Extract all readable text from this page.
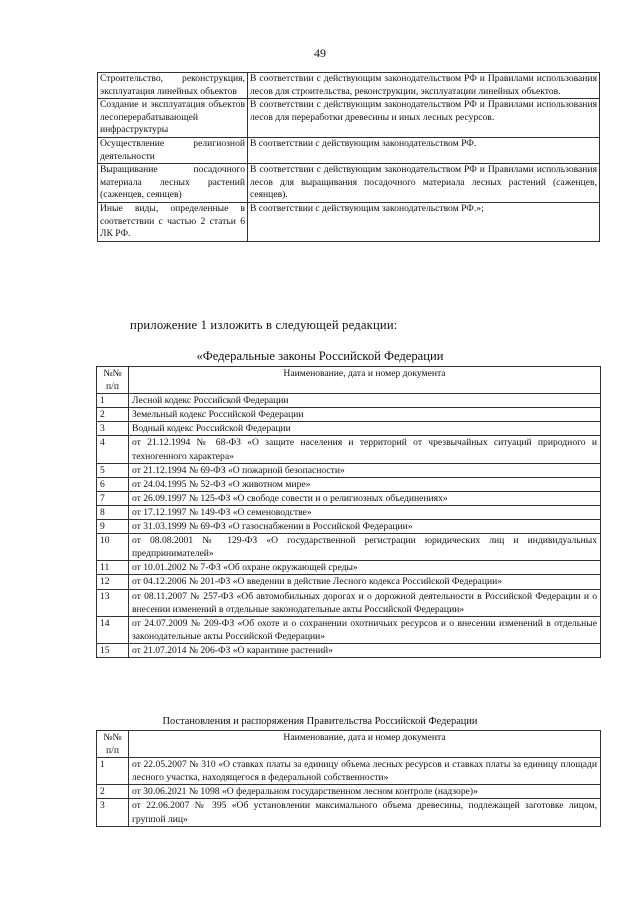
49
Строительство, реконструкция, эксплуатация линейных объектов	В соответствии с действующим законодательством РФ и Правилами использования лесов для строительства, реконструкции, эксплуатации линейных объектов.
Создание и эксплуатация объектов лесоперерабатывающей инфраструктуры	В соответствии с действующим законодательством РФ и Правилами использования лесов для переработки древесины и иных лесных ресурсов.
Осуществление религиозной деятельности	В соответствии с действующим законодательством РФ.
Выращивание посадочного материала лесных растений (саженцев, сеянцев)	В соответствии с действующим законодательством РФ и Правилами использования лесов для выращивания посадочного материала лесных растений (саженцев, сеянцев).
Иные виды, определенные в соответствии с частью 2 статьи 6 ЛК РФ.	В соответствии с действующим законодательством РФ.»;
приложение 1 изложить в следующей редакции:
«Федеральные законы Российской Федерации
№№ п/п	Наименование, дата и номер документа
1	Лесной кодекс Российской Федерации
2	Земельный кодекс Российской Федерации
3	Водный кодекс Российской Федерации
4	от 21.12.1994 № 68-ФЗ «О защите населения и территорий от чрезвычайных ситуаций природного и техногенного характера»
5	от 21.12.1994 № 69-ФЗ «О пожарной безопасности»
6	от 24.04.1995 № 52-ФЗ «О животном мире»
7	от 26.09.1997 № 125-ФЗ «О свободе совести и о религиозных объединениях»
8	от 17.12.1997 № 149-ФЗ «О семеноводстве»
9	от 31.03.1999 № 69-ФЗ «О газоснабжении в Российской Федерации»
10	от 08.08.2001 № 129-ФЗ «О государственной регистрации юридических лиц и индивидуальных предпринимателей»
11	от 10.01.2002 № 7-ФЗ «Об охране окружающей среды»
12	от 04.12.2006 № 201-ФЗ «О введении в действие Лесного кодекса Российской Федерации»
13	от 08.11.2007 № 257-ФЗ «Об автомобильных дорогах и о дорожной деятельности в Российской Федерации и о внесении изменений в отдельные законодательные акты Российской Федерации»
14	от 24.07.2009 № 209-ФЗ «Об охоте и о сохранении охотничьих ресурсов и о внесении изменений в отдельные законодательные акты Российской Федерации»
15	от 21.07.2014 № 206-ФЗ «О карантине растений»
Постановления и распоряжения Правительства Российской Федерации
№№ п/п	Наименование, дата и номер документа
1	от 22.05.2007 № 310 «О ставках платы за единицу объема лесных ресурсов и ставках платы за единицу площади лесного участка, находящегося в федеральной собственности»
2	от 30.06.2021 № 1098 «О федеральном государственном лесном контроле (надзоре)»
3	от 22.06.2007 № 395 «Об установлении максимального объема древесины, подлежащей заготовке лицом, группой лиц»
